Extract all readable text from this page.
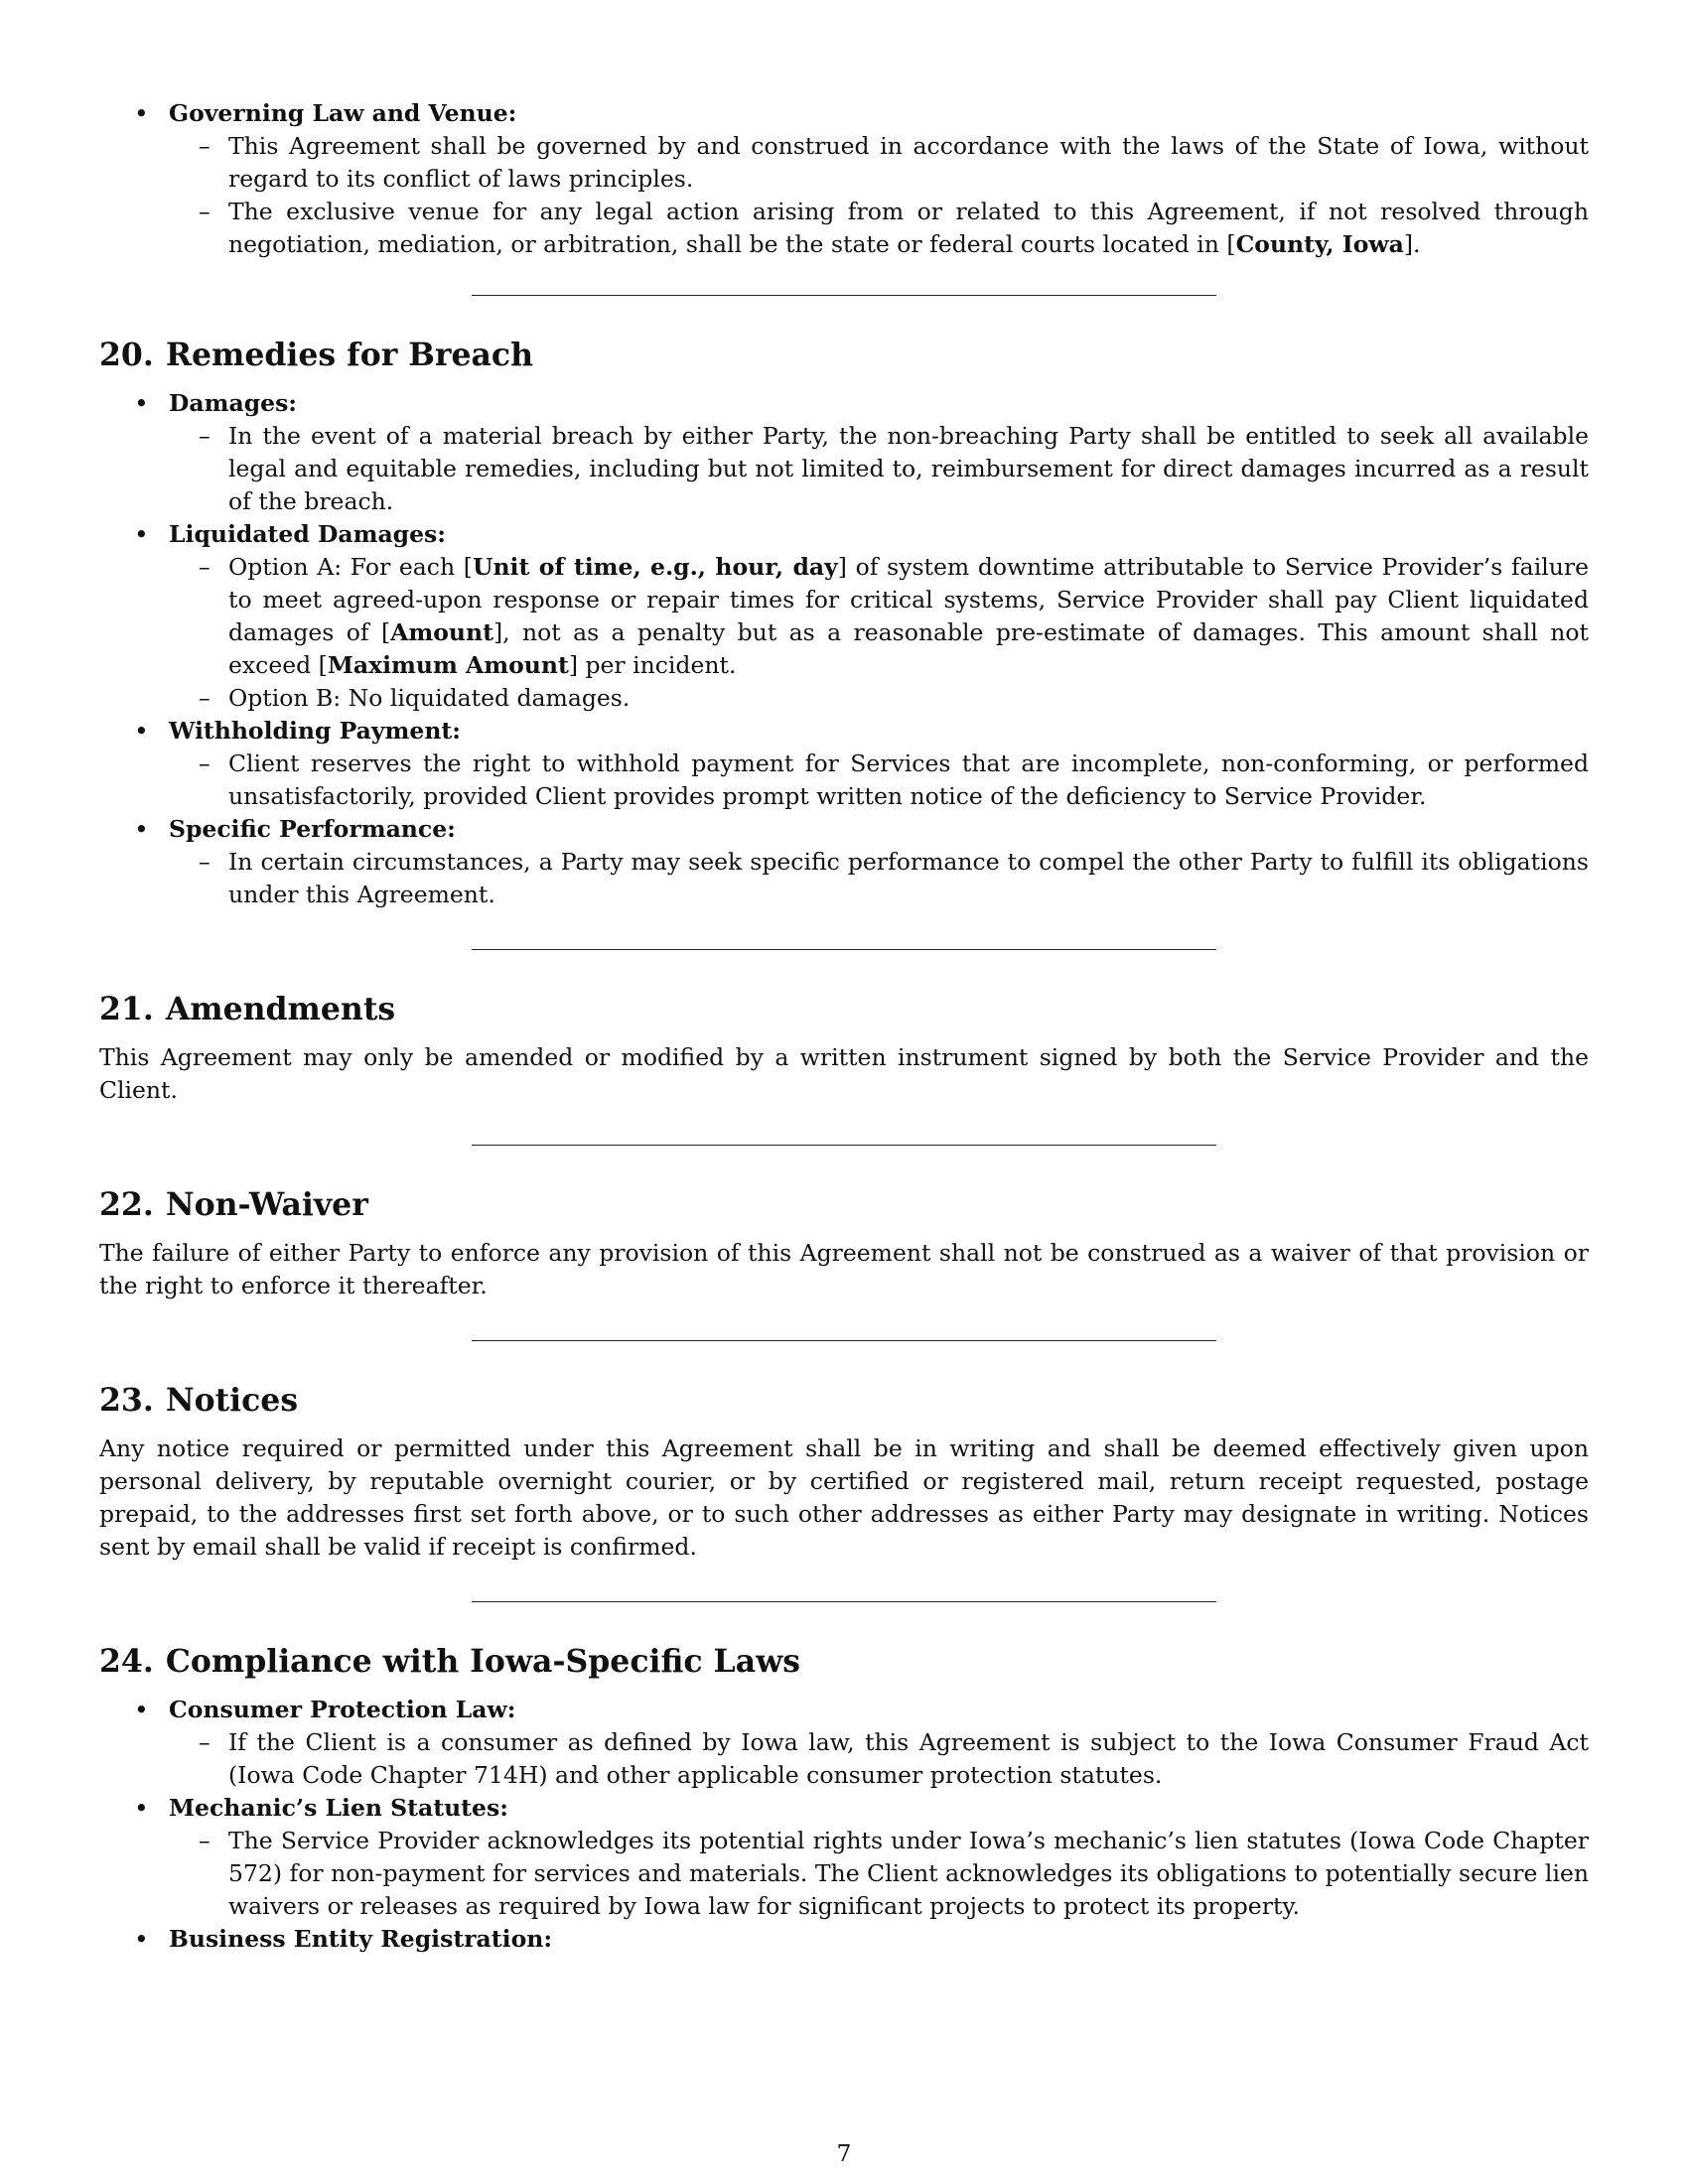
• Governing Law and Venue:
– This Agreement shall be governed by and construed in accordance with the laws of the State of Iowa, without regard to its conflict of laws principles.
– The exclusive venue for any legal action arising from or related to this Agreement, if not resolved through negotiation, mediation, or arbitration, shall be the state or federal courts located in [County, Iowa].
20. Remedies for Breach
• Damages:
– In the event of a material breach by either Party, the non-breaching Party shall be entitled to seek all available legal and equitable remedies, including but not limited to, reimbursement for direct damages incurred as a result of the breach.
• Liquidated Damages:
– Option A: For each [Unit of time, e.g., hour, day] of system downtime attributable to Service Provider’s failure to meet agreed-upon response or repair times for critical systems, Service Provider shall pay Client liquidated damages of [Amount], not as a penalty but as a reasonable pre-estimate of damages. This amount shall not exceed [Maximum Amount] per incident.
– Option B: No liquidated damages.
• Withholding Payment:
– Client reserves the right to withhold payment for Services that are incomplete, non-conforming, or performed unsatisfactorily, provided Client provides prompt written notice of the deficiency to Service Provider.
• Specific Performance:
– In certain circumstances, a Party may seek specific performance to compel the other Party to fulfill its obligations under this Agreement.
21. Amendments

This Agreement may only be amended or modified by a written instrument signed by both the Service Provider and the Client.

22. Non-Waiver

The failure of either Party to enforce any provision of this Agreement shall not be construed as a waiver of that provision or the right to enforce it thereafter.

23. Notices

Any notice required or permitted under this Agreement shall be in writing and shall be deemed effectively given upon personal delivery, by reputable overnight courier, or by certified or registered mail, return receipt requested, postage prepaid, to the addresses first set forth above, or to such other addresses as either Party may designate in writing. Notices sent by email shall be valid if receipt is confirmed.

24. Compliance with Iowa-Specific Laws
• Consumer Protection Law:
– If the Client is a consumer as defined by Iowa law, this Agreement is subject to the Iowa Consumer Fraud Act (Iowa Code Chapter 714H) and other applicable consumer protection statutes.
• Mechanic’s Lien Statutes:
– The Service Provider acknowledges its potential rights under Iowa’s mechanic’s lien statutes (Iowa Code Chapter 572) for non-payment for services and materials. The Client acknowledges its obligations to potentially secure lien waivers or releases as required by Iowa law for significant projects to protect its property.
• Business Entity Registration:
7
